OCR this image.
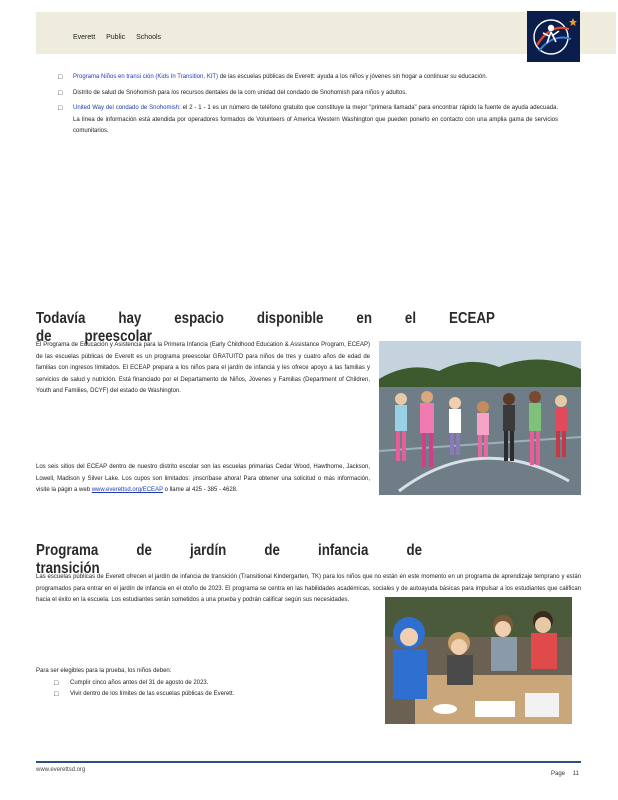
Everett Public Schools
□ Programa Niños en transi ción (Kids In Transition, KIT) de las escuelas públicas de Everett: ayuda a los niños y jóvenes sin hogar a continuar su educación.
□ Distrito de salud de Snohomish para los recursos dentales de la com unidad del condado de Snohomish para niños y adultos.
□ United Way del condado de Snohomish: el 2 - 1 - 1 es un número de teléfono gratuito que constituye la mejor "primera llamada" para encontrar rápido la fuente de ayuda adecuada. La línea de información está atendida por operadores formados de Volunteers of America Western Washington que pueden ponerlo en contacto con una amplia gama de servicios comunitarios.
Todavía hay espacio disponible en el ECEAP de preescolar
El Programa de Educación y Asistencia para la Primera Infancia (Early Childhood Education & Assistance Program, ECEAP) de las escuelas públicas de Everett es un programa preescolar GRATUITO para niños de tres y cuatro años de edad de familias con ingresos limitados. El ECEAP prepara a los niños para el jardín de infancia y les ofrece apoyo a las familias y servicios de salud y nutrición. Está financiado por el Departamento de Niños, Jóvenes y Familias (Department of Children, Youth and Families, DCYF) del estado de Washington.
Los seis sitios del ECEAP dentro de nuestro distrito escolar son las escuelas primarias Cedar Wood, Hawthorne, Jackson, Lowell, Madison y Silver Lake. Los cupos son limitados: ¡inscríbase ahora! Para obtener una solicitud o más información, visite la págin a web www.everettsd.org/ECEAP o llame al 425 - 385 - 4628.
Programa de jardín de infancia de transición
Las escuelas públicas de Everett ofrecen el jardín de infancia de transición (Transitional Kindergarten, TK) para los niños que no están en este momento en un programa de aprendizaje temprano y están programados para entrar en el jardín de infancia en el otoño de 2023. El programa se centra en las habilidades académicas, sociales y de autoayuda básicas para impulsar a los estudiantes que califican hacia el éxito en la escuela. Los estudiantes serán sometidos a una prueba y podrán calificar según sus necesidades.
Para ser elegibles para la prueba, los niños deben:
□ Cumplir cinco años antes del 31 de agosto de 2023.
□ Vivir dentro de los límites de las escuelas públicas de Everett.
www.everettsd.org
Page 11
